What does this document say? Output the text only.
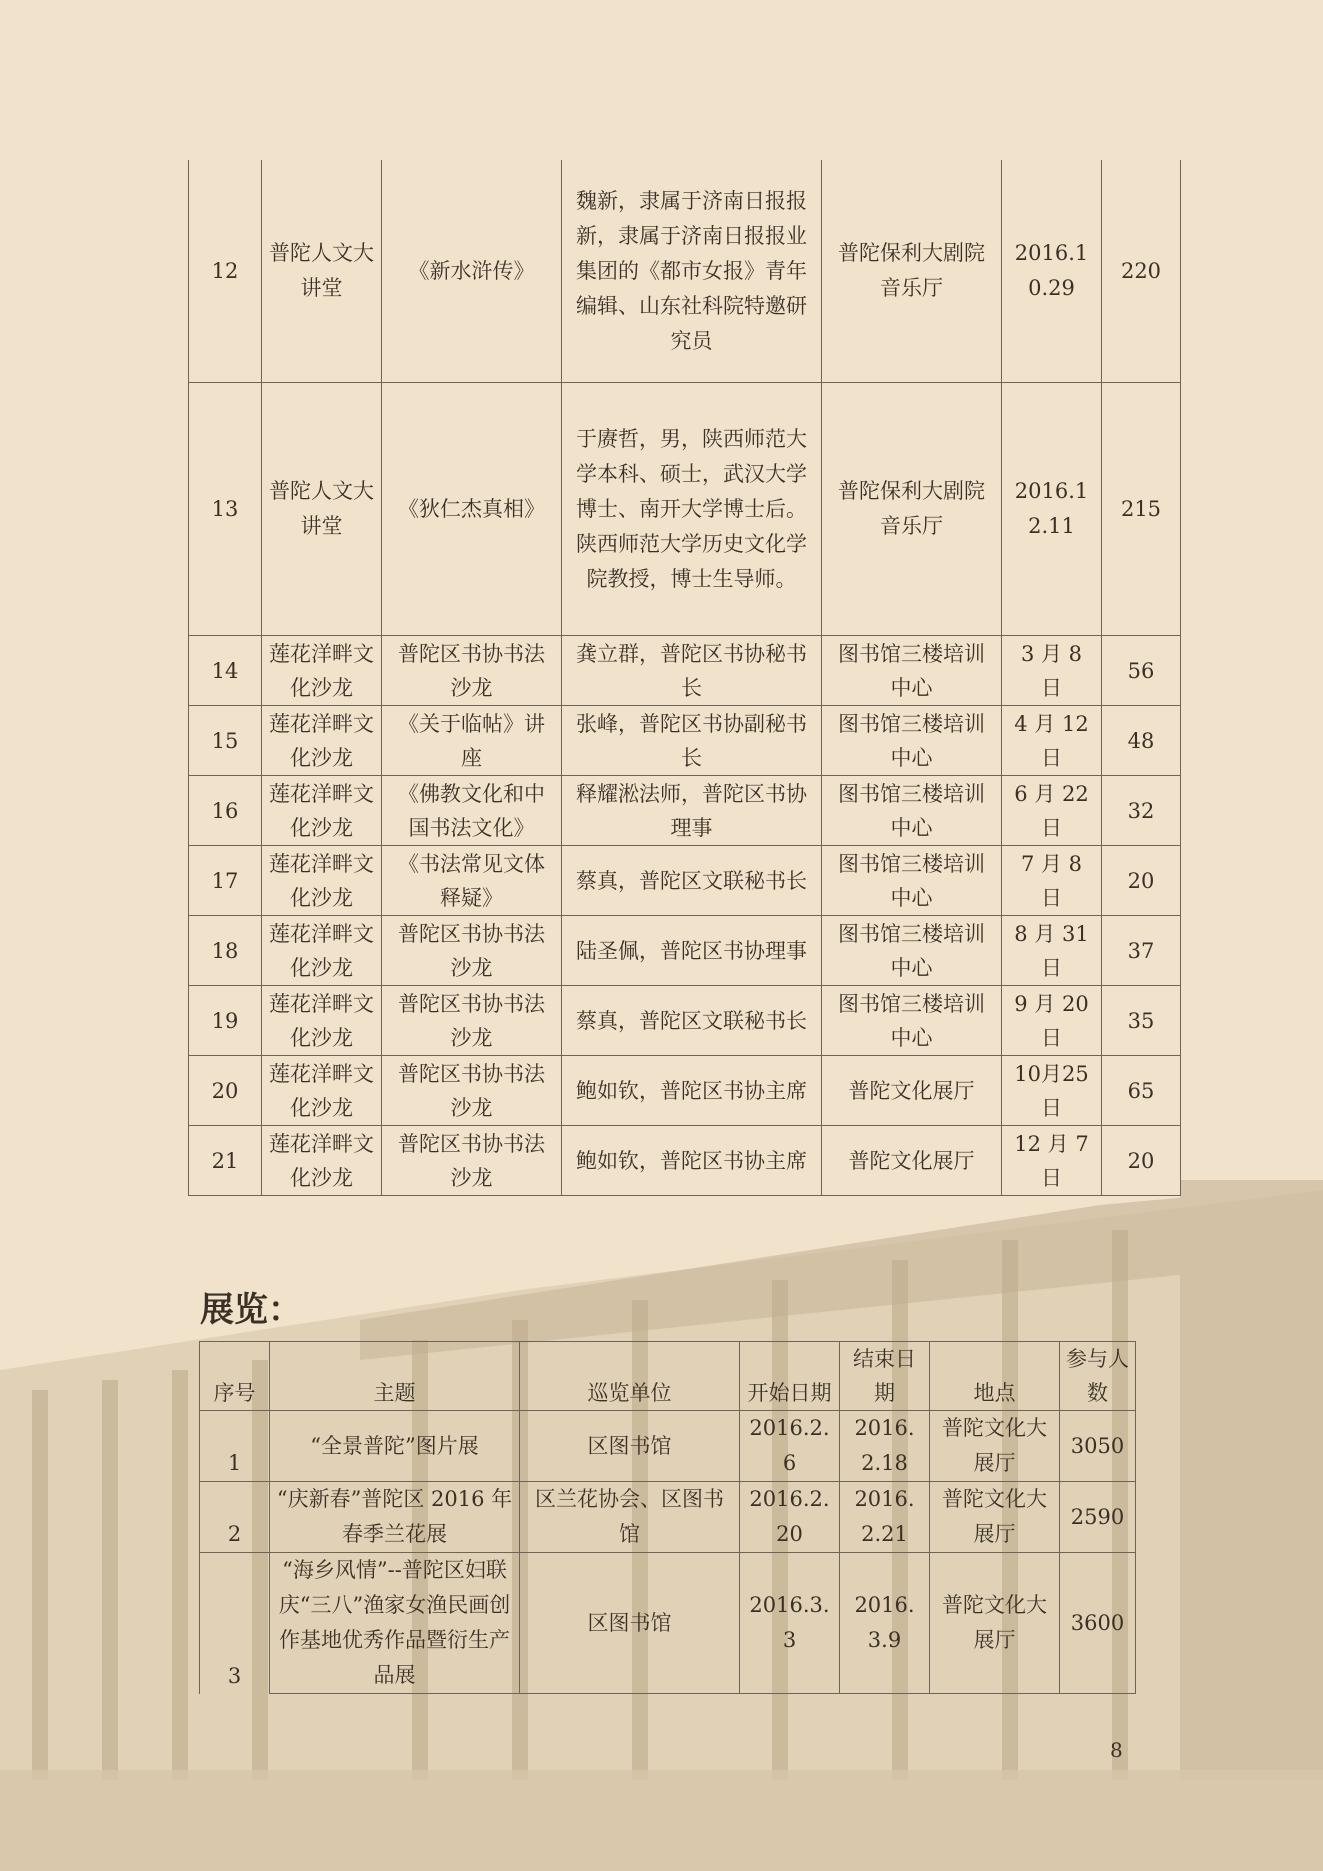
12	普陀人文大讲堂	《新水浒传》	魏新，隶属于济南日报报新，隶属于济南日报报业集团的《都市女报》青年编辑、山东社科院特邀研究员	普陀保利大剧院音乐厅	2016.10.29	220
13	普陀人文大讲堂	《狄仁杰真相》	于赓哲，男，陕西师范大学本科、硕士，武汉大学博士、南开大学博士后。陕西师范大学历史文化学院教授，博士生导师。	普陀保利大剧院音乐厅	2016.12.11	215
14	莲花洋畔文化沙龙	普陀区书协书法沙龙	龚立群，普陀区书协秘书长	图书馆三楼培训中心	3 月 8 日	56
15	莲花洋畔文化沙龙	《关于临帖》讲座	张峰，普陀区书协副秘书长	图书馆三楼培训中心	4 月 12 日	48
16	莲花洋畔文化沙龙	《佛教文化和中国书法文化》	释耀淞法师，普陀区书协理事	图书馆三楼培训中心	6 月 22 日	32
17	莲花洋畔文化沙龙	《书法常见文体释疑》	蔡真，普陀区文联秘书长	图书馆三楼培训中心	7 月 8 日	20
18	莲花洋畔文化沙龙	普陀区书协书法沙龙	陆圣佩，普陀区书协理事	图书馆三楼培训中心	8 月 31 日	37
19	莲花洋畔文化沙龙	普陀区书协书法沙龙	蔡真，普陀区文联秘书长	图书馆三楼培训中心	9 月 20 日	35
20	莲花洋畔文化沙龙	普陀区书协书法沙龙	鲍如钦，普陀区书协主席	普陀文化展厅	10月25日	65
21	莲花洋畔文化沙龙	普陀区书协书法沙龙	鲍如钦，普陀区书协主席	普陀文化展厅	12 月 7 日	20
展览：
序号	主题	巡览单位	开始日期	结束日期	地点	参与人数
1	“全景普陀”图片展	区图书馆	2016.2.6	2016.2.18	普陀文化大展厅	3050
2	“庆新春”普陀区 2016 年春季兰花展	区兰花协会、区图书馆	2016.2.20	2016.2.21	普陀文化大展厅	2590
3	“海乡风情”--普陀区妇联庆“三八”渔家女渔民画创作基地优秀作品暨衍生产品展	区图书馆	2016.3.3	2016.3.9	普陀文化大展厅	3600
8
